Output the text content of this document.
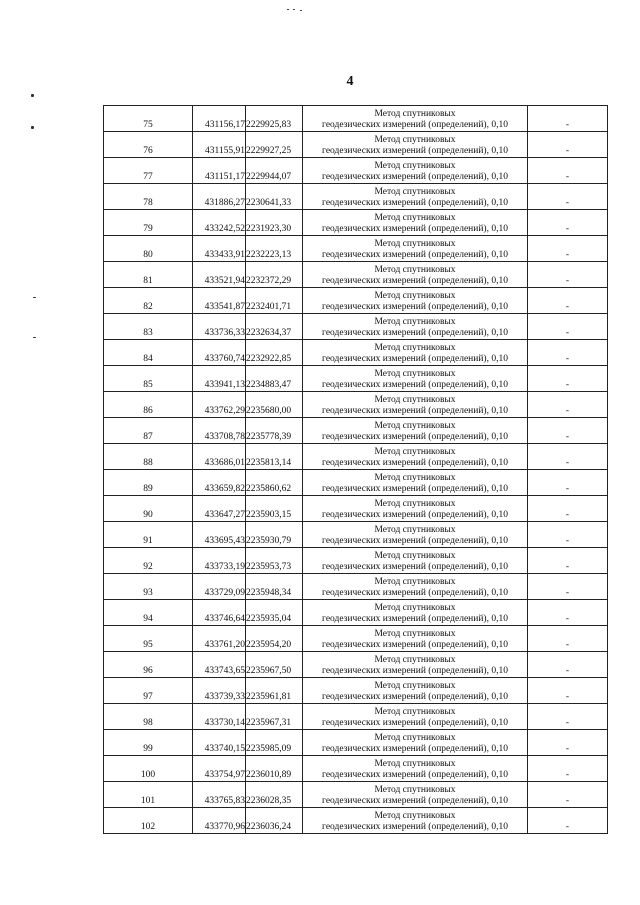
4
75	431156,17	2229925,83	Метод спутниковых
геодезических измерений (определений), 0,10	-
76	431155,91	2229927,25	Метод спутниковых
геодезических измерений (определений), 0,10	-
77	431151,17	2229944,07	Метод спутниковых
геодезических измерений (определений), 0,10	-
78	431886,27	2230641,33	Метод спутниковых
геодезических измерений (определений), 0,10	-
79	433242,52	2231923,30	Метод спутниковых
геодезических измерений (определений), 0,10	-
80	433433,91	2232223,13	Метод спутниковых
геодезических измерений (определений), 0,10	-
81	433521,94	2232372,29	Метод спутниковых
геодезических измерений (определений), 0,10	-
82	433541,87	2232401,71	Метод спутниковых
геодезических измерений (определений), 0,10	-
83	433736,33	2232634,37	Метод спутниковых
геодезических измерений (определений), 0,10	-
84	433760,74	2232922,85	Метод спутниковых
геодезических измерений (определений), 0,10	-
85	433941,13	2234883,47	Метод спутниковых
геодезических измерений (определений), 0,10	-
86	433762,29	2235680,00	Метод спутниковых
геодезических измерений (определений), 0,10	-
87	433708,78	2235778,39	Метод спутниковых
геодезических измерений (определений), 0,10	-
88	433686,01	2235813,14	Метод спутниковых
геодезических измерений (определений), 0,10	-
89	433659,82	2235860,62	Метод спутниковых
геодезических измерений (определений), 0,10	-
90	433647,27	2235903,15	Метод спутниковых
геодезических измерений (определений), 0,10	-
91	433695,43	2235930,79	Метод спутниковых
геодезических измерений (определений), 0,10	-
92	433733,19	2235953,73	Метод спутниковых
геодезических измерений (определений), 0,10	-
93	433729,09	2235948,34	Метод спутниковых
геодезических измерений (определений), 0,10	-
94	433746,64	2235935,04	Метод спутниковых
геодезических измерений (определений), 0,10	-
95	433761,20	2235954,20	Метод спутниковых
геодезических измерений (определений), 0,10	-
96	433743,65	2235967,50	Метод спутниковых
геодезических измерений (определений), 0,10	-
97	433739,33	2235961,81	Метод спутниковых
геодезических измерений (определений), 0,10	-
98	433730,14	2235967,31	Метод спутниковых
геодезических измерений (определений), 0,10	-
99	433740,15	2235985,09	Метод спутниковых
геодезических измерений (определений), 0,10	-
100	433754,97	2236010,89	Метод спутниковых
геодезических измерений (определений), 0,10	-
101	433765,83	2236028,35	Метод спутниковых
геодезических измерений (определений), 0,10	-
102	433770,96	2236036,24	Метод спутниковых
геодезических измерений (определений), 0,10	-
